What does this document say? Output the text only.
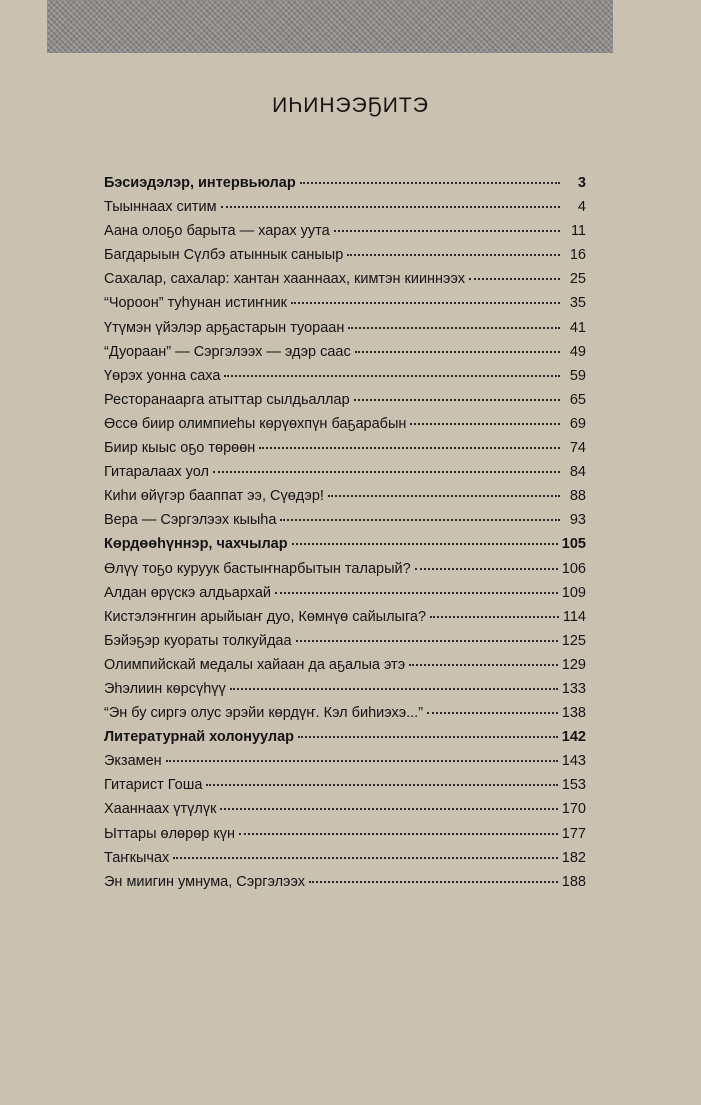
ИҺИНЭЭҔИТЭ
Бэсиэдэлэр, интервьюлар	3
Тыыннаах ситим	4
Аана олоҕо барыта — харах уута	11
Багдарыын Сүлбэ атыннык саныыр	16
Сахалар, сахалар: хантан хааннаах, кимтэн кииннээх	25
“Чороон” туһунан истиҥник	35
Үтүмэн үйэлэр арҕастарын туораан	41
“Дуораан” — Сэргэлээх — эдэр саас	49
Үөрэх уонна саха	59
Ресторанаарга атыттар сылдьаллар	65
Өссө биир олимпиеһы көрүөхпүн баҕарабын	69
Биир кыыс оҕо төрөөн	74
Гитаралаах уол	84
Киһи өйүгэр бааппат ээ, Сүөдэр!	88
Вера — Сэргэлээх кыыһа	93
Көрдөөһүннэр, чахчылар	105
Өлүү тоҕо куруук бастыҥнарбытын таларый?	106
Алдан өрүскэ алдьархай	109
Кистэлэҥнгин арыйыаҥ дуо, Көмнүө сайылыга?	114
Бэйэҕэр куораты толкуйдаа	125
Олимпийскай медалы хайаан да аҕалыа этэ	129
Эһэлиин көрсүһүү	133
“Эн бу сиргэ олус эрэйи көрдүҥ. Кэл биһиэхэ...”	138
Литературнай холонуулар	142
Экзамен	143
Гитарист Гоша	153
Хааннаах үтүлүк	170
Ыттары өлөрөр күн	177
Таҥкычах	182
Эн миигин умнума, Сэргэлээх	188
